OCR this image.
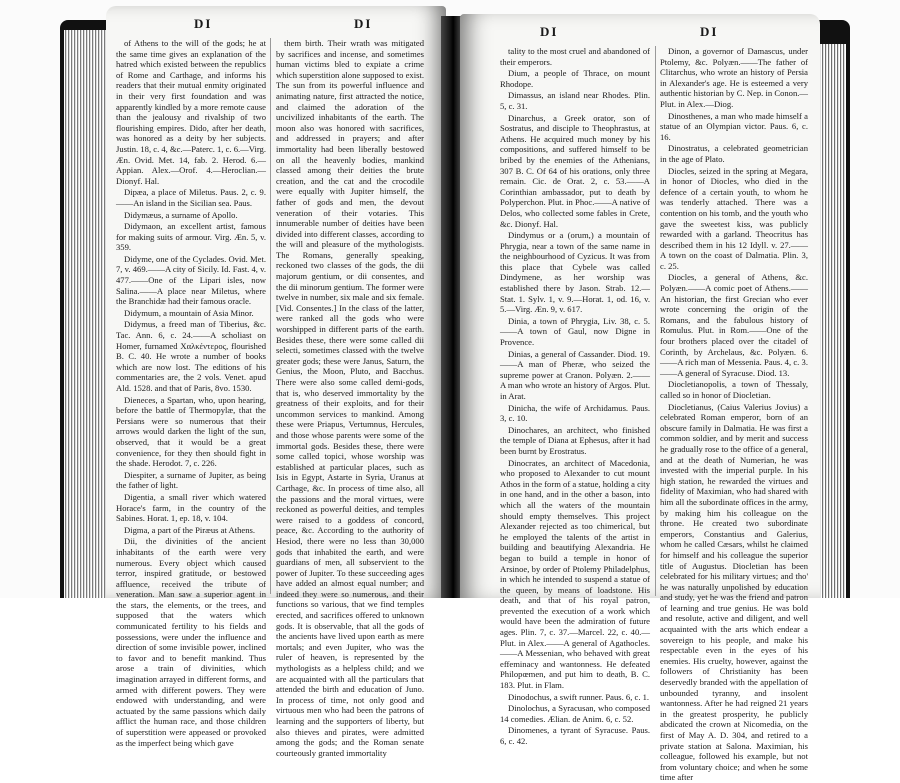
DI	DI

of Athens to the will of the gods; he at the same time gives an explanation of the hatred which existed between the republics of Rome and Carthage, and informs his readers that their mutual enmity originated in their very first foundation and was apparently kindled by a more remote cause than the jealousy and rivalship of two flourishing empires. Dido, after her death, was honored as a deity by her subjects. Justin. 18, c. 4, &c.—Paterc. 1, c. 6.—Virg. Æn. Ovid. Met. 14, fab. 2. Herod. 6.—Appian. Alex.—Orof. 4.—Heroclian.—Dionyf. Hal.

Dipæa, a place of Miletus. Paus. 2, c. 9.——An island in the Sicilian sea. Paus.

Didymæus, a surname of Apollo.

Didymaon, an excellent artist, famous for making suits of armour. Virg. Æn. 5, v. 359.

Didyme, one of the Cyclades. Ovid. Met. 7, v. 469.——A city of Sicily. Id. Fast. 4, v. 477.——One of the Lipari isles, now Salina.——A place near Miletus, where the Branchidæ had their famous oracle.

Didymum, a mountain of Asia Minor.

Didymus, a freed man of Tiberius, &c. Tac. Ann. 6, c. 24.——A scholiast on Homer, furnamed Χαλκέντερος, flourished B. C. 40. He wrote a number of books which are now lost. The editions of his commentaries are, the 2 vols. Venet. apud Ald. 1528. and that of Paris, 8vo. 1530.

Dieneces, a Spartan, who, upon hearing, before the battle of Thermopylæ, that the Persians were so numerous that their arrows would darken the light of the sun, observed, that it would be a great convenience, for they then should fight in the shade. Herodot. 7, c. 226.

Diespiter, a surname of Jupiter, as being the father of light.

Digentia, a small river which watered Horace's farm, in the country of the Sabines. Horat. 1, ep. 18, v. 104.

Digma, a part of the Piræus at Athens.

Dii, the divinities of the ancient inhabitants of the earth were very numerous. Every object which caused terror, inspired gratitude, or bestowed affluence, received the tribute of veneration. Man saw a superior agent in the stars, the elements, or the trees, and supposed that the waters which communicated fertility to his fields and possessions, were under the influence and direction of some invisible power, inclined to favor and to benefit mankind. Thus arose a train of divinities, which imagination arrayed in different forms, and armed with different powers. They were endowed with understanding, and were actuated by the same passions which daily afflict the human race, and those children of superstition were appeased or provoked as the imperfect being which gave

them birth. Their wrath was mitigated by sacrifices and incense, and sometimes human victims bled to expiate a crime which superstition alone supposed to exist. The sun from its powerful influence and animating nature, first attracted the notice, and claimed the adoration of the uncivilized inhabitants of the earth. The moon also was honored with sacrifices, and addressed in prayers; and after immortality had been liberally bestowed on all the heavenly bodies, mankind classed among their deities the brute creation, and the cat and the crocodile were equally with Jupiter himself, the father of gods and men, the devout veneration of their votaries. This innumerable number of deities have been divided into different classes, according to the will and pleasure of the mythologists. The Romans, generally speaking, reckoned two classes of the gods, the dii majorum gentium, or dii consentes, and the dii minorum gentium. The former were twelve in number, six male and six female. [Vid. Consentes.] In the class of the latter, were ranked all the gods who were worshipped in different parts of the earth. Besides these, there were some called dii selecti, sometimes classed with the twelve greater gods; these were Janus, Saturn, the Genius, the Moon, Pluto, and Bacchus. There were also some called demi-gods, that is, who deserved immortality by the greatness of their exploits, and for their uncommon services to mankind. Among these were Priapus, Vertumnus, Hercules, and those whose parents were some of the immortal gods. Besides these, there were some called topici, whose worship was established at particular places, such as Isis in Egypt, Astarte in Syria, Uranus at Carthage, &c. In process of time also, all the passions and the moral virtues, were reckoned as powerful deities, and temples were raised to a goddess of concord, peace, &c. According to the authority of Hesiod, there were no less than 30,000 gods that inhabited the earth, and were guardians of men, all subservient to the power of Jupiter. To these succeeding ages have added an almost equal number; and indeed they were so numerous, and their functions so various, that we find temples erected, and sacrifices offered to unknown gods. It is observable, that all the gods of the ancients have lived upon earth as mere mortals; and even Jupiter, who was the ruler of heaven, is represented by the mythologists as a helpless child; and we are acquainted with all the particulars that attended the birth and education of Juno. In process of time, not only good and virtuous men who had been the patrons of learning and the supporters of liberty, but also thieves and pirates, were admitted among the gods; and the Roman senate courteously granted immortality

DI	DI

tality to the most cruel and abandoned of their emperors.

Dium, a people of Thrace, on mount Rhodope.

Dimassus, an island near Rhodes. Plin. 5, c. 31.

Dinarchus, a Greek orator, son of Sostratus, and disciple to Theophrastus, at Athens. He acquired much money by his compositions, and suffered himself to be bribed by the enemies of the Athenians, 307 B. C. Of 64 of his orations, only three remain. Cic. de Orat. 2, c. 53.——A Corinthian ambassador, put to death by Polyperchon. Plut. in Phoc.——A native of Delos, who collected some fables in Crete, &c. Dionyf. Hal.

Dindymus or a (orum,) a mountain of Phrygia, near a town of the same name in the neighbourhood of Cyzicus. It was from this place that Cybele was called Dindymene, as her worship was established there by Jason. Strab. 12.—Stat. 1. Sylv. 1, v. 9.—Horat. 1, od. 16, v. 5.—Virg. Æn. 9, v. 617.

Dinia, a town of Phrygia, Liv. 38, c. 5.——A town of Gaul, now Digne in Provence.

Dinias, a general of Cassander. Diod. 19.——A man of Pheræ, who seized the supreme power at Cranon. Polyæn. 2.——A man who wrote an history of Argos. Plut. in Arat.

Dinicha, the wife of Archidamus. Paus. 3, c. 10.

Dinochares, an architect, who finished the temple of Diana at Ephesus, after it had been burnt by Erostratus.

Dinocrates, an architect of Macedonia, who proposed to Alexander to cut mount Athos in the form of a statue, holding a city in one hand, and in the other a bason, into which all the waters of the mountain should empty themselves. This project Alexander rejected as too chimerical, but he employed the talents of the artist in building and beautifying Alexandria. He began to build a temple in honor of Arsinoe, by order of Ptolemy Philadelphus, in which he intended to suspend a statue of the queen, by means of loadstone. His death, and that of his royal patron, prevented the execution of a work which would have been the admiration of future ages. Plin. 7, c. 37.—Marcel. 22, c. 40.—Plut. in Alex.——A general of Agathocles.——A Messenian, who behaved with great effeminacy and wantonness. He defeated Philopœmen, and put him to death, B. C. 183. Plut. in Flam.

Dinodochus, a swift runner. Paus. 6, c. 1.

Dinolochus, a Syracusan, who composed 14 comedies. Ælian. de Anim. 6, c. 52.

Dinomenes, a tyrant of Syracuse. Paus. 6, c. 42.

Dinon, a governor of Damascus, under Ptolemy, &c. Polyæn.——The father of Clitarchus, who wrote an history of Persia in Alexander's age. He is esteemed a very authentic historian by C. Nep. in Conon.—Plut. in Alex.—Diog.

Dinosthenes, a man who made himself a statue of an Olympian victor. Paus. 6, c. 16.

Dinostratus, a celebrated geometrician in the age of Plato.

Diocles, seized in the spring at Megara, in honor of Diocles, who died in the defence of a certain youth, to whom he was tenderly attached. There was a contention on his tomb, and the youth who gave the sweetest kiss, was publicly rewarded with a garland. Theocritus has described them in his 12 Idyll. v. 27.——A town on the coast of Dalmatia. Plin. 3, c. 25.

Diocles, a general of Athens, &c. Polyæn.——A comic poet of Athens.——An historian, the first Grecian who ever wrote concerning the origin of the Romans, and the fabulous history of Romulus. Plut. in Rom.——One of the four brothers placed over the citadel of Corinth, by Archelaus, &c. Polyæn. 6.——A rich man of Messenia. Paus. 4, c. 3.——A general of Syracuse. Diod. 13.

Diocletianopolis, a town of Thessaly, called so in honor of Diocletian.

Diocletianus, (Caius Valerius Jovius) a celebrated Roman emperor, born of an obscure family in Dalmatia. He was first a common soldier, and by merit and success he gradually rose to the office of a general, and at the death of Numerian, he was invested with the imperial purple. In his high station, he rewarded the virtues and fidelity of Maximian, who had shared with him all the subordinate offices in the army, by making him his colleague on the throne. He created two subordinate emperors, Constantius and Galerius, whom he called Cæsars, whilst he claimed for himself and his colleague the superior title of Augustus. Diocletian has been celebrated for his military virtues; and tho' he was naturally unpolished by education and study, yet he was the friend and patron of learning and true genius. He was bold and resolute, active and diligent, and well acquainted with the arts which endear a sovereign to his people, and make his respectable even in the eyes of his enemies. His cruelty, however, against the followers of Christianity has been deservedly branded with the appellation of unbounded tyranny, and insolent wantonness. After he had reigned 21 years in the greatest prosperity, he publicly abdicated the crown at Nicomedia, on the first of May A. D. 304, and retired to a private station at Salona. Maximian, his colleague, followed his example, but not from voluntary choice; and when he some time after
